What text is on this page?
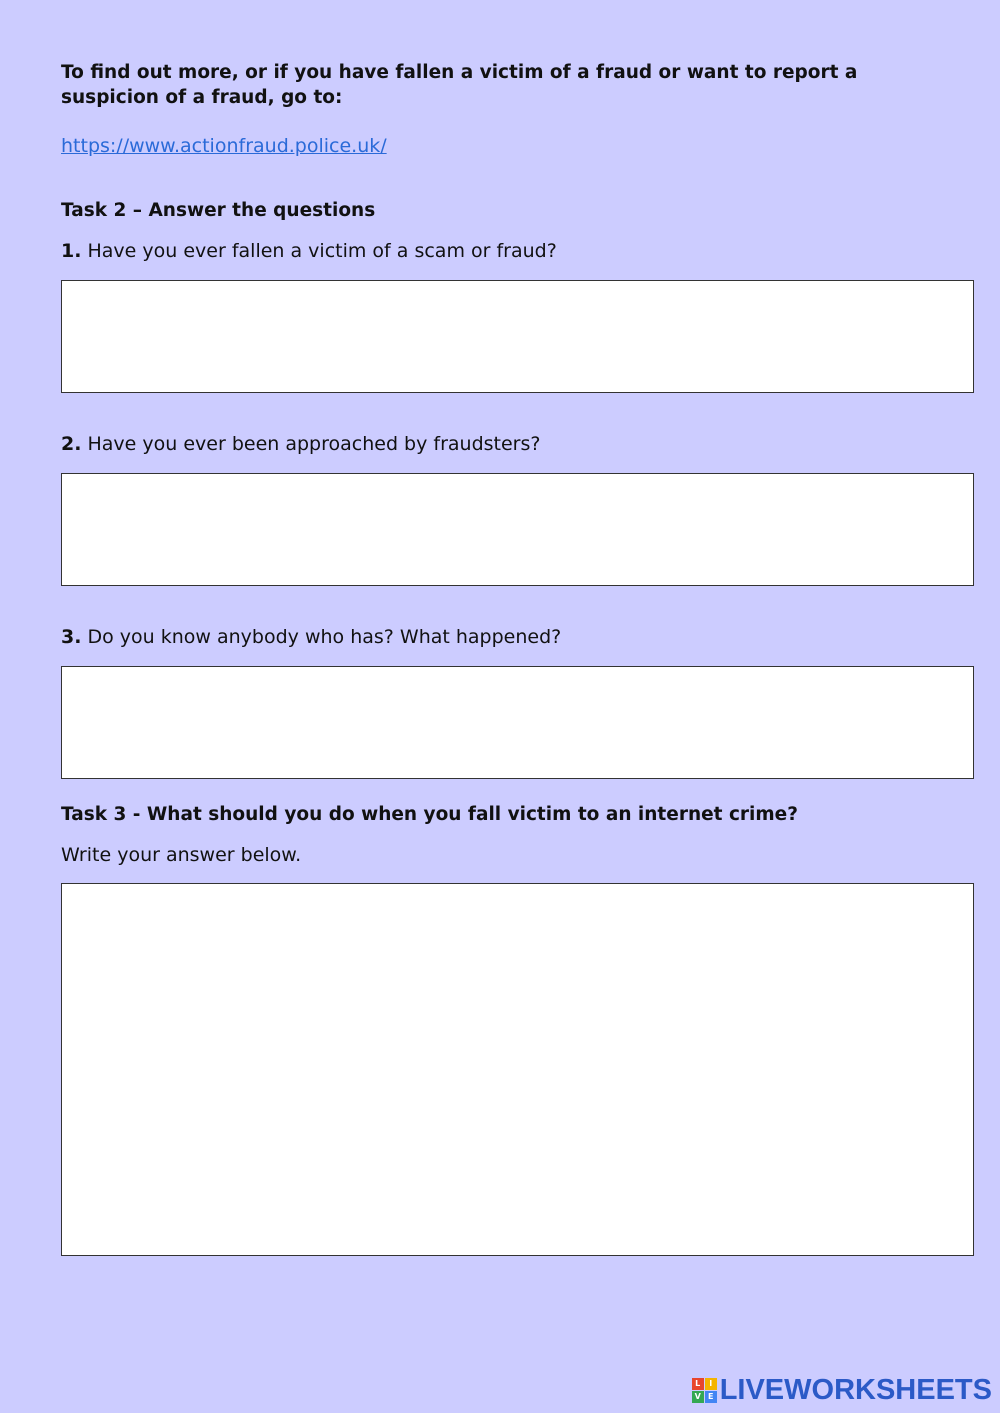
To find out more, or if you have fallen a victim of a fraud or want to report a suspicion of a fraud, go to:
https://www.actionfraud.police.uk/
Task 2 – Answer the questions
1. Have you ever fallen a victim of a scam or fraud?
2. Have you ever been approached by fraudsters?
3. Do you know anybody who has? What happened?
Task 3 - What should you do when you fall victim to an internet crime?
Write your answer below.
L	I
V E LIVEWORKSHEETS
